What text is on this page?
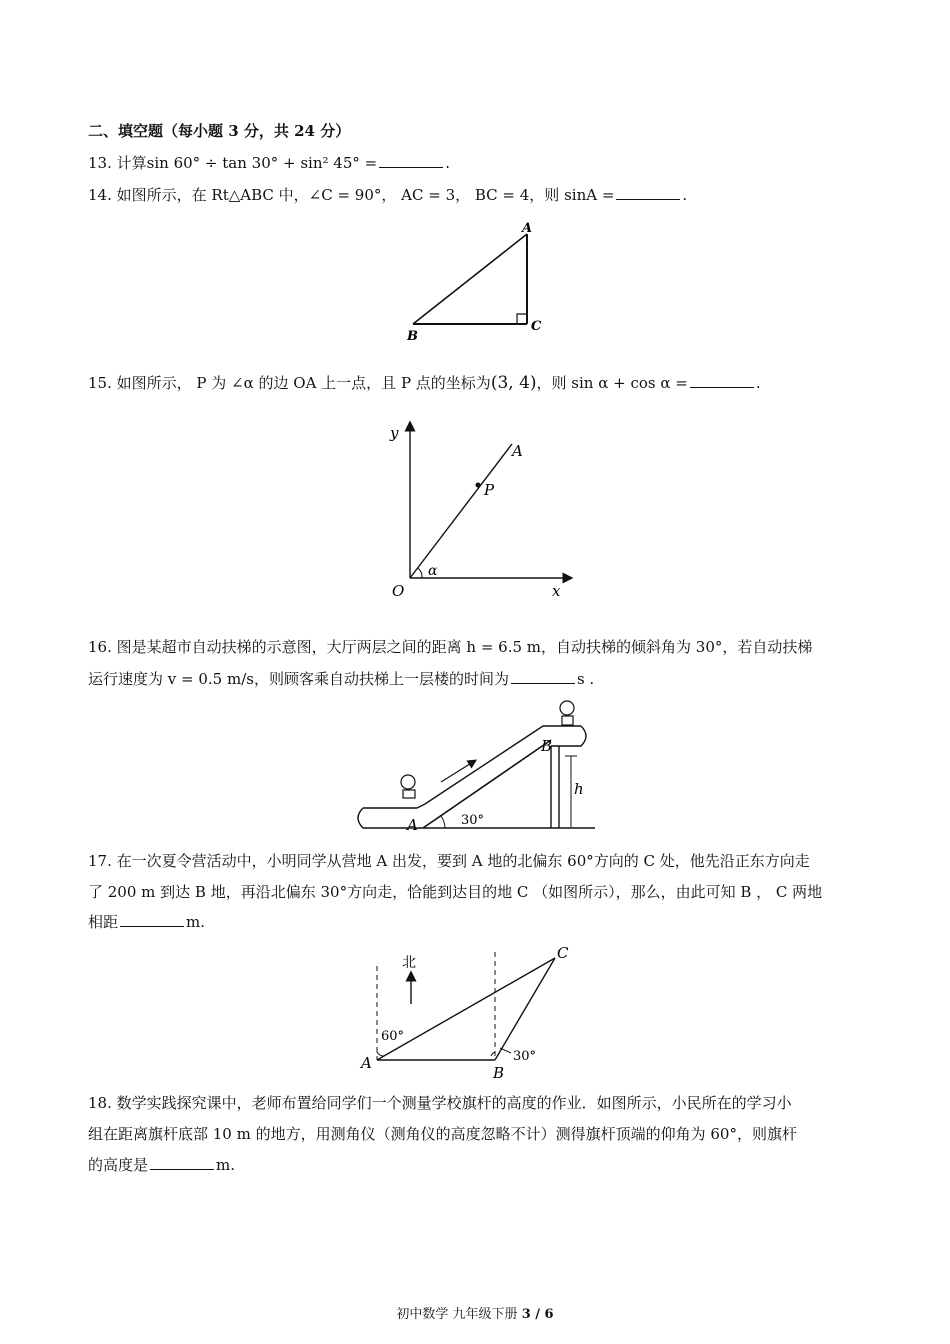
二、填空题（每小题 3 分，共 24 分）
13. 计算sin 60° ÷ tan 30° + sin² 45° =	.
14. 如图所示，在 Rt△ABC 中，∠C = 90°， AC = 3， BC = 4，则 sinA =	.
A
B
C
15. 如图所示， P 为 ∠α 的边 OA 上一点，且 P 点的坐标为(3, 4)，则 sin α + cos α =	.
y
x
O
A
P
α
16. 图是某超市自动扶梯的示意图，大厅两层之间的距离 h = 6.5 m，自动扶梯的倾斜角为 30°，若自动扶梯
运行速度为 v = 0.5 m/s，则顾客乘自动扶梯上一层楼的时间为	s .
A
B
h
30°
17. 在一次夏令营活动中，小明同学从营地 A 出发，要到 A 地的北偏东 60°方向的 C 处，他先沿正东方向走
了 200 m 到达 B 地，再沿北偏东 30°方向走，恰能到达目的地 C （如图所示），那么，由此可知 B ， C 两地
相距	m.
北
A
B
C
60°
30°
18. 数学实践探究课中，老师布置给同学们一个测量学校旗杆的高度的作业．如图所示，小民所在的学习小
组在距离旗杆底部 10 m 的地方，用测角仪（测角仪的高度忽略不计）测得旗杆顶端的仰角为 60°，则旗杆
的高度是	m.
初中数学 九年级下册 3 / 6
